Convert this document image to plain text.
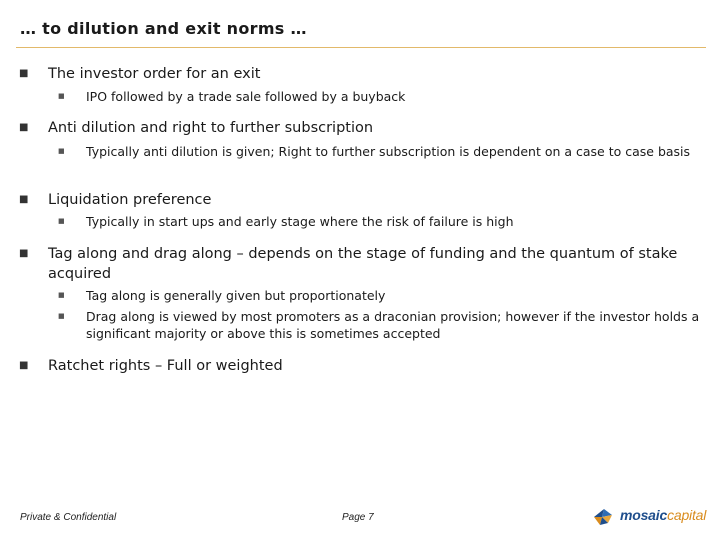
… to dilution and exit norms …
■ The investor order for an exit
■ IPO followed by a trade sale followed by a buyback
■ Anti dilution and right to further subscription
■ Typically anti dilution is given; Right to further subscription is dependent on a case to case basis
■ Liquidation preference
■ Typically in start ups and early stage where the risk of failure is high
■ Tag along and drag along – depends on the stage of funding and the quantum of stake acquired
■ Tag along is generally given but proportionately
■ Drag along is viewed by most promoters as a draconian provision; however if the investor holds a significant majority or above this is sometimes accepted
■ Ratchet rights – Full or weighted
Private & Confidential	Page 7	mosaiccapital
